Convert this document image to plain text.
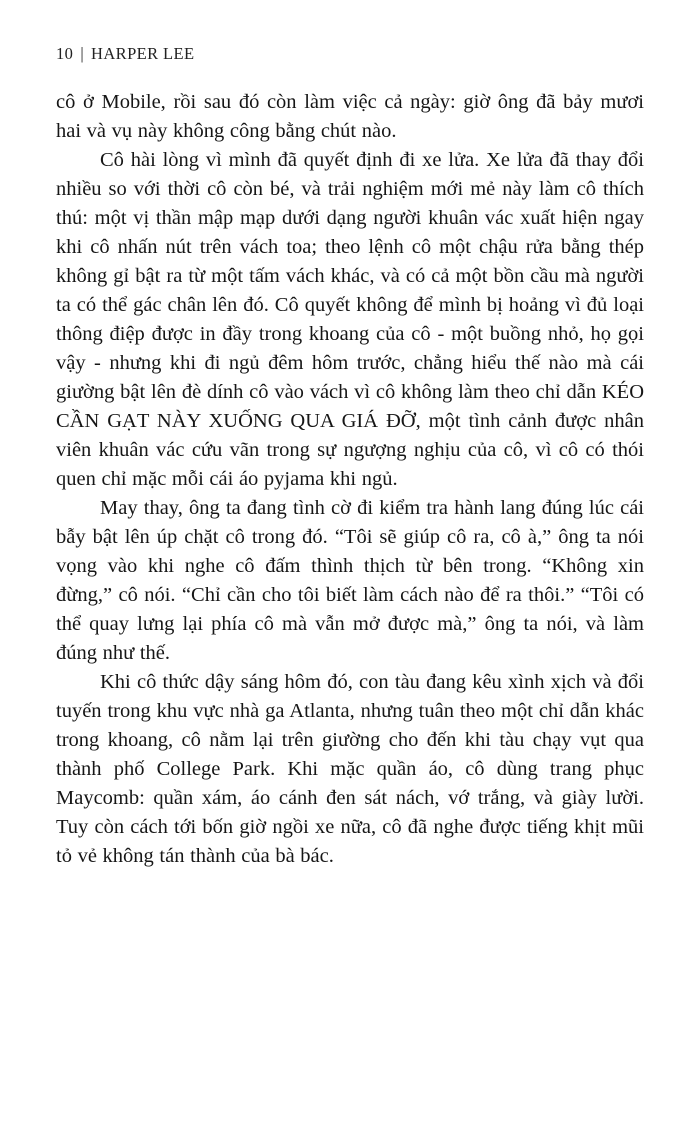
10 | HARPER LEE

cô ở Mobile, rồi sau đó còn làm việc cả ngày: giờ ông đã bảy mươi hai và vụ này không công bằng chút nào.

Cô hài lòng vì mình đã quyết định đi xe lửa. Xe lửa đã thay đổi nhiều so với thời cô còn bé, và trải nghiệm mới mẻ này làm cô thích thú: một vị thần mập mạp dưới dạng người khuân vác xuất hiện ngay khi cô nhấn nút trên vách toa; theo lệnh cô một chậu rửa bằng thép không gỉ bật ra từ một tấm vách khác, và có cả một bồn cầu mà người ta có thể gác chân lên đó. Cô quyết không để mình bị hoảng vì đủ loại thông điệp được in đầy trong khoang của cô - một buồng nhỏ, họ gọi vậy - nhưng khi đi ngủ đêm hôm trước, chẳng hiểu thế nào mà cái giường bật lên đè dính cô vào vách vì cô không làm theo chỉ dẫn KÉO CẦN GẠT NÀY XUỐNG QUA GIÁ ĐỠ, một tình cảnh được nhân viên khuân vác cứu vãn trong sự ngượng nghịu của cô, vì cô có thói quen chỉ mặc mỗi cái áo pyjama khi ngủ.

May thay, ông ta đang tình cờ đi kiểm tra hành lang đúng lúc cái bẫy bật lên úp chặt cô trong đó. “Tôi sẽ giúp cô ra, cô à,” ông ta nói vọng vào khi nghe cô đấm thình thịch từ bên trong. “Không xin đừng,” cô nói. “Chỉ cần cho tôi biết làm cách nào để ra thôi.” “Tôi có thể quay lưng lại phía cô mà vẫn mở được mà,” ông ta nói, và làm đúng như thế.

Khi cô thức dậy sáng hôm đó, con tàu đang kêu xình xịch và đổi tuyến trong khu vực nhà ga Atlanta, nhưng tuân theo một chỉ dẫn khác trong khoang, cô nằm lại trên giường cho đến khi tàu chạy vụt qua thành phố College Park. Khi mặc quần áo, cô dùng trang phục Maycomb: quần xám, áo cánh đen sát nách, vớ trắng, và giày lười. Tuy còn cách tới bốn giờ ngồi xe nữa, cô đã nghe được tiếng khịt mũi tỏ vẻ không tán thành của bà bác.
